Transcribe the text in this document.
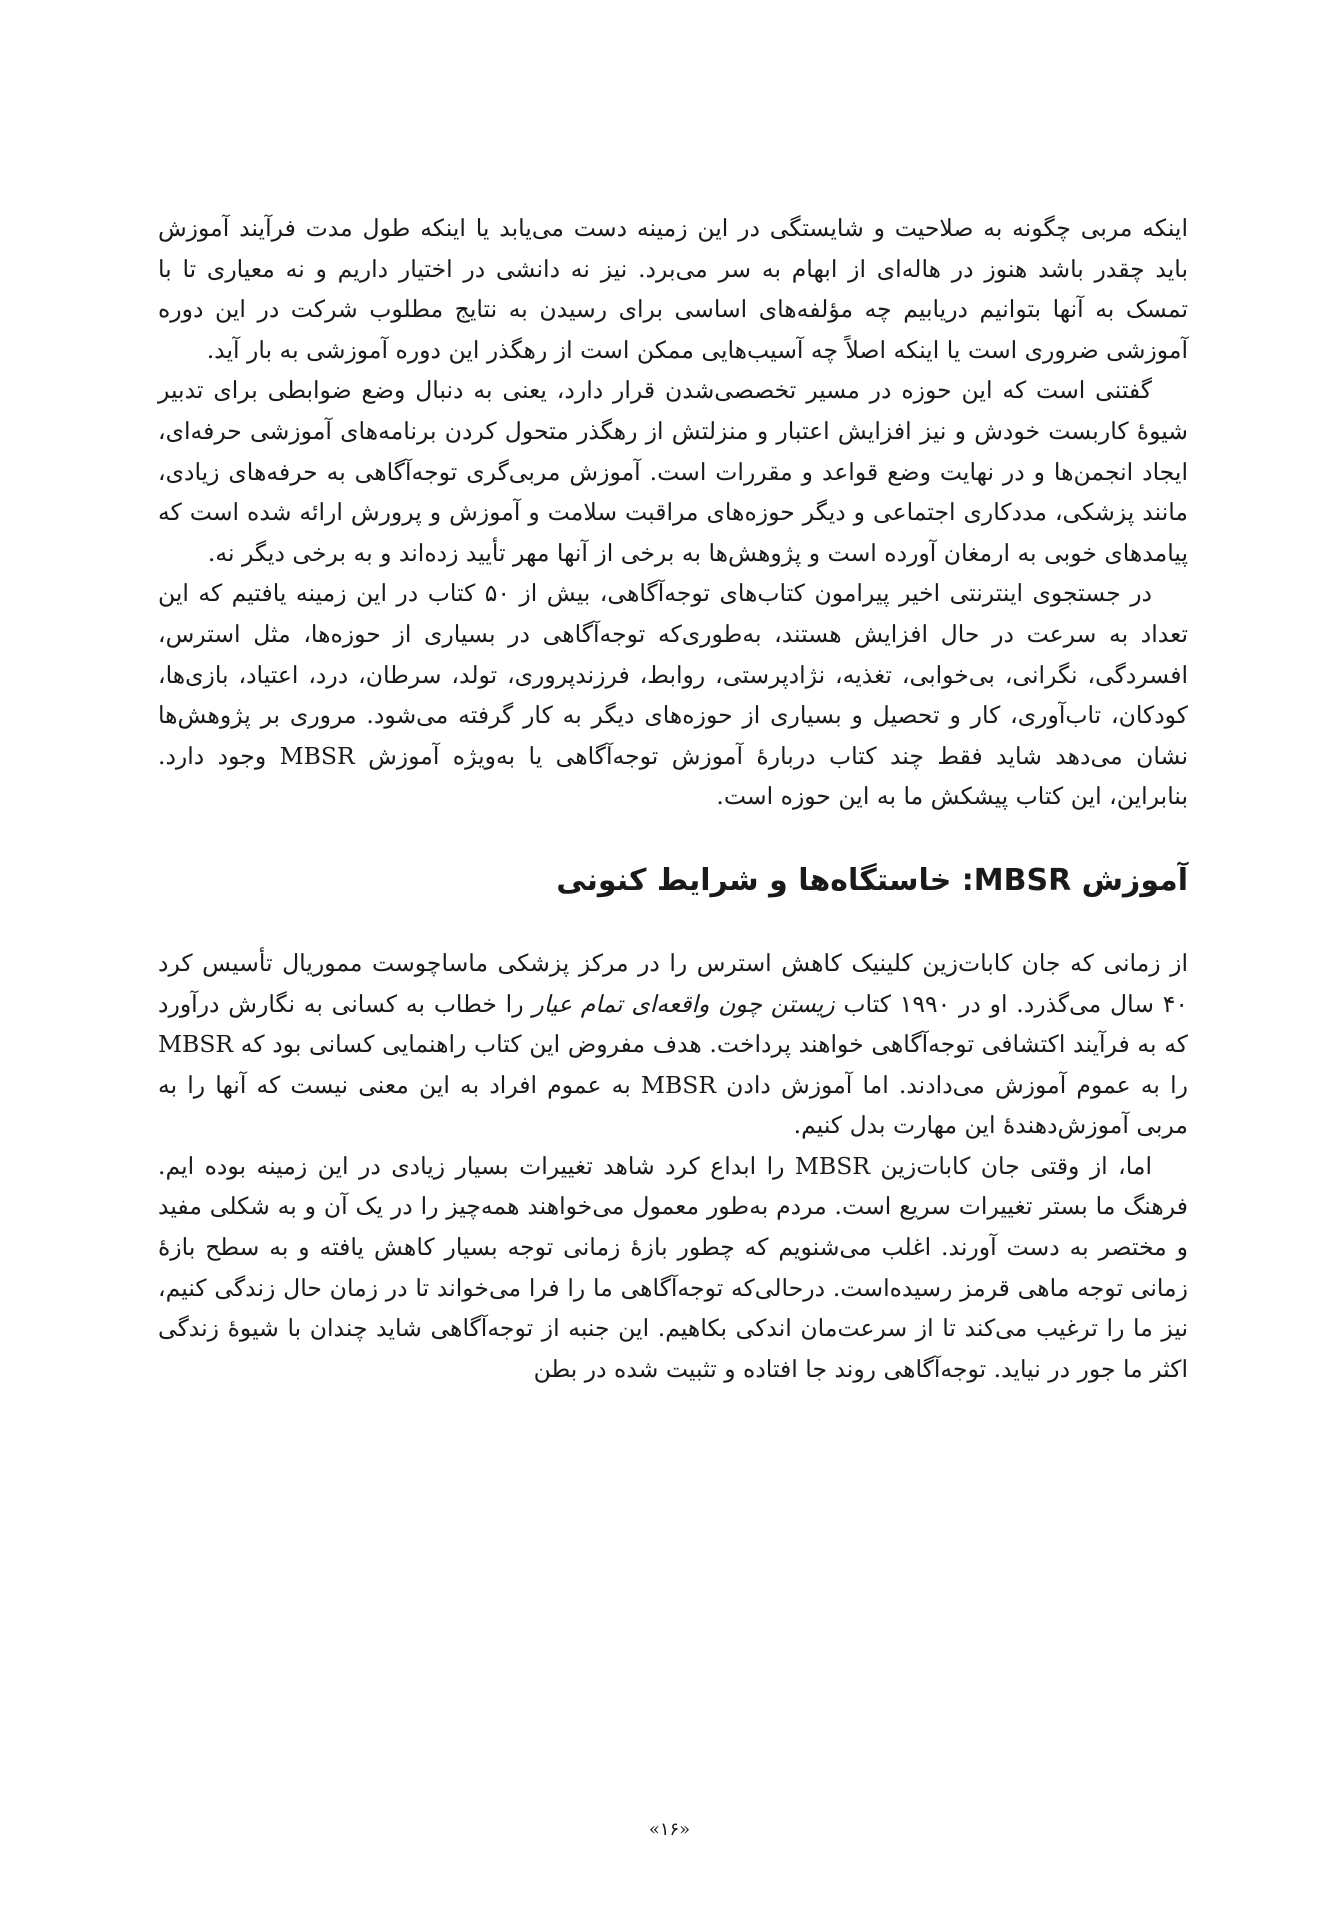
اینکه مربی چگونه به صلاحیت و شایستگی در این زمینه دست می‌یابد یا اینکه طول مدت فرآیند آموزش باید چقدر باشد هنوز در هاله‌ای از ابهام به سر می‌برد. نیز نه دانشی در اختیار داریم و نه معیاری تا با تمسک به آنها بتوانیم دریابیم چه مؤلفه‌های اساسی برای رسیدن به نتایج مطلوب شرکت در این دوره آموزشی ضروری است یا اینکه اصلاً چه آسیب‌هایی ممکن است از رهگذر این دوره آموزشی به بار آید.

گفتنی است که این حوزه در مسیر تخصصی‌شدن قرار دارد، یعنی به دنبال وضع ضوابطی برای تدبیر شیوهٔ کاربست خودش و نیز افزایش اعتبار و منزلتش از رهگذر متحول کردن برنامه‌های آموزشی حرفه‌ای، ایجاد انجمن‌ها و در نهایت وضع قواعد و مقررات است. آموزش مربی‌گری توجه‌آگاهی به حرفه‌های زیادی، مانند پزشکی، مددکاری اجتماعی و دیگر حوزه‌های مراقبت سلامت و آموزش و پرورش ارائه شده است که پیامدهای خوبی به ارمغان آورده است و پژوهش‌ها به برخی از آنها مهر تأیید زده‌اند و به برخی دیگر نه.

در جستجوی اینترنتی اخیر پیرامون کتاب‌های توجه‌آگاهی، بیش از ۵۰ کتاب در این زمینه یافتیم که این تعداد به سرعت در حال افزایش هستند، به‌طوری‌که توجه‌آگاهی در بسیاری از حوزه‌ها، مثل استرس، افسردگی، نگرانی، بی‌خوابی، تغذیه، نژادپرستی، روابط، فرزندپروری، تولد، سرطان، درد، اعتیاد، بازی‌ها، کودکان، تاب‌آوری، کار و تحصیل و بسیاری از حوزه‌های دیگر به کار گرفته می‌شود. مروری بر پژوهش‌ها نشان می‌دهد شاید فقط چند کتاب دربارهٔ آموزش توجه‌آگاهی یا به‌ویژه آموزش MBSR وجود دارد. بنابراین، این کتاب پیشکش ما به این حوزه است.

آموزش MBSR: خاستگاه‌ها و شرایط کنونی

از زمانی که جان کابات‌زین کلینیک کاهش استرس را در مرکز پزشکی ماساچوست مموریال تأسیس کرد ۴۰ سال می‌گذرد. او در ۱۹۹۰ کتاب زیستن چون واقعه‌ای تمام عیار را خطاب به کسانی به نگارش درآورد که به فرآیند اکتشافی توجه‌آگاهی خواهند پرداخت. هدف مفروض این کتاب راهنمایی کسانی بود که MBSR را به عموم آموزش می‌دادند. اما آموزش دادن MBSR به عموم افراد به این معنی نیست که آنها را به مربی آموزش‌دهندهٔ این مهارت بدل کنیم.

اما، از وقتی جان کابات‌زین MBSR را ابداع کرد شاهد تغییرات بسیار زیادی در این زمینه بوده ایم. فرهنگ ما بستر تغییرات سریع است. مردم به‌طور معمول می‌خواهند همه‌چیز را در یک آن و به شکلی مفید و مختصر به دست آورند. اغلب می‌شنویم که چطور بازهٔ زمانی توجه بسیار کاهش یافته و به سطح بازهٔ زمانی توجه ماهی قرمز رسیده‌است. درحالی‌که توجه‌آگاهی ما را فرا می‌خواند تا در زمان حال زندگی کنیم، نیز ما را ترغیب می‌کند تا از سرعت‌مان اندکی بکاهیم. این جنبه از توجه‌آگاهی شاید چندان با شیوهٔ زندگی اکثر ما جور در نیاید. توجه‌آگاهی روند جا افتاده و تثبیت شده در بطن

«۱۶»
